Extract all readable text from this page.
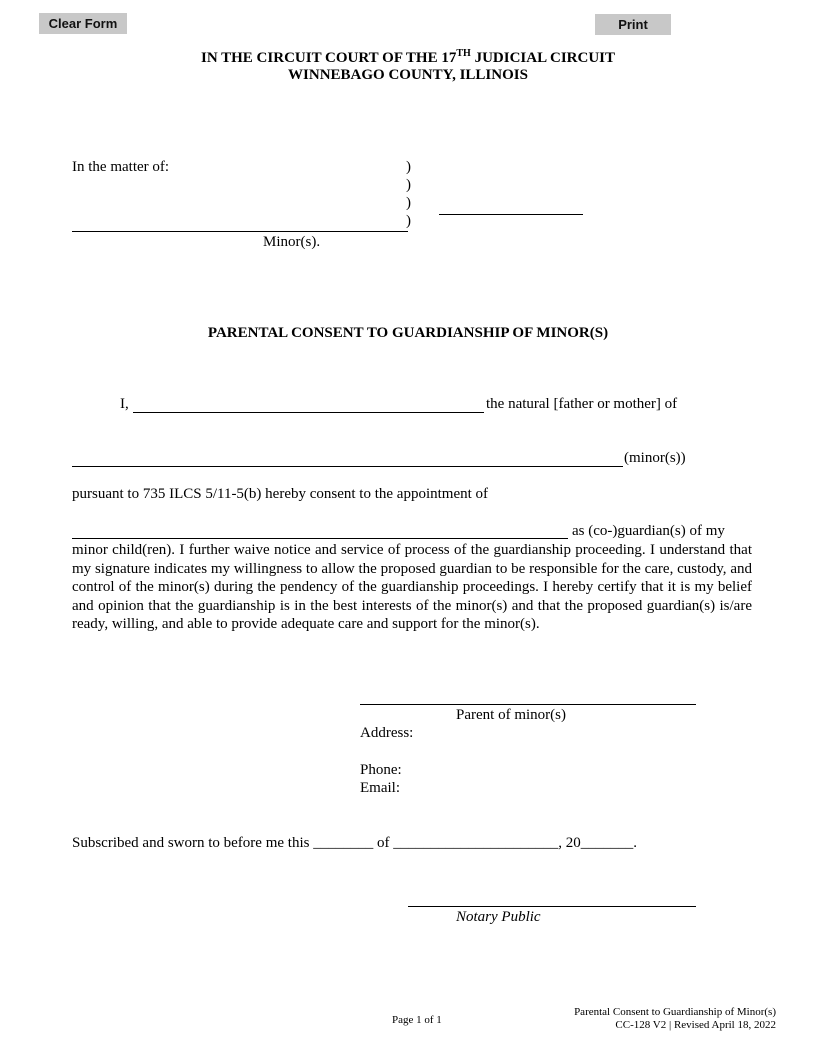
Clear Form	Print
IN THE CIRCUIT COURT OF THE 17TH JUDICIAL CIRCUIT
WINNEBAGO COUNTY, ILLINOIS
In the matter of:	)
)
)
)
Minor(s).
PARENTAL CONSENT TO GUARDIANSHIP OF MINOR(S)
I,	the natural [father or mother] of
(minor(s))
pursuant to 735 ILCS 5/11-5(b) hereby consent to the appointment of
as (co-)guardian(s) of my
minor child(ren). I further waive notice and service of process of the guardianship proceeding. I understand that my signature indicates my willingness to allow the proposed guardian to be responsible for the care, custody, and control of the minor(s) during the pendency of the guardianship proceedings. I hereby certify that it is my belief and opinion that the guardianship is in the best interests of the minor(s) and that the proposed guardian(s) is/are ready, willing, and able to provide adequate care and support for the minor(s).
Parent of minor(s)
Address:
Phone:
Email:
Subscribed and sworn to before me this ________ of ______________________, 20_______.
Notary Public
Page 1 of 1
Parental Consent to Guardianship of Minor(s)
CC-128 V2 | Revised April 18, 2022
